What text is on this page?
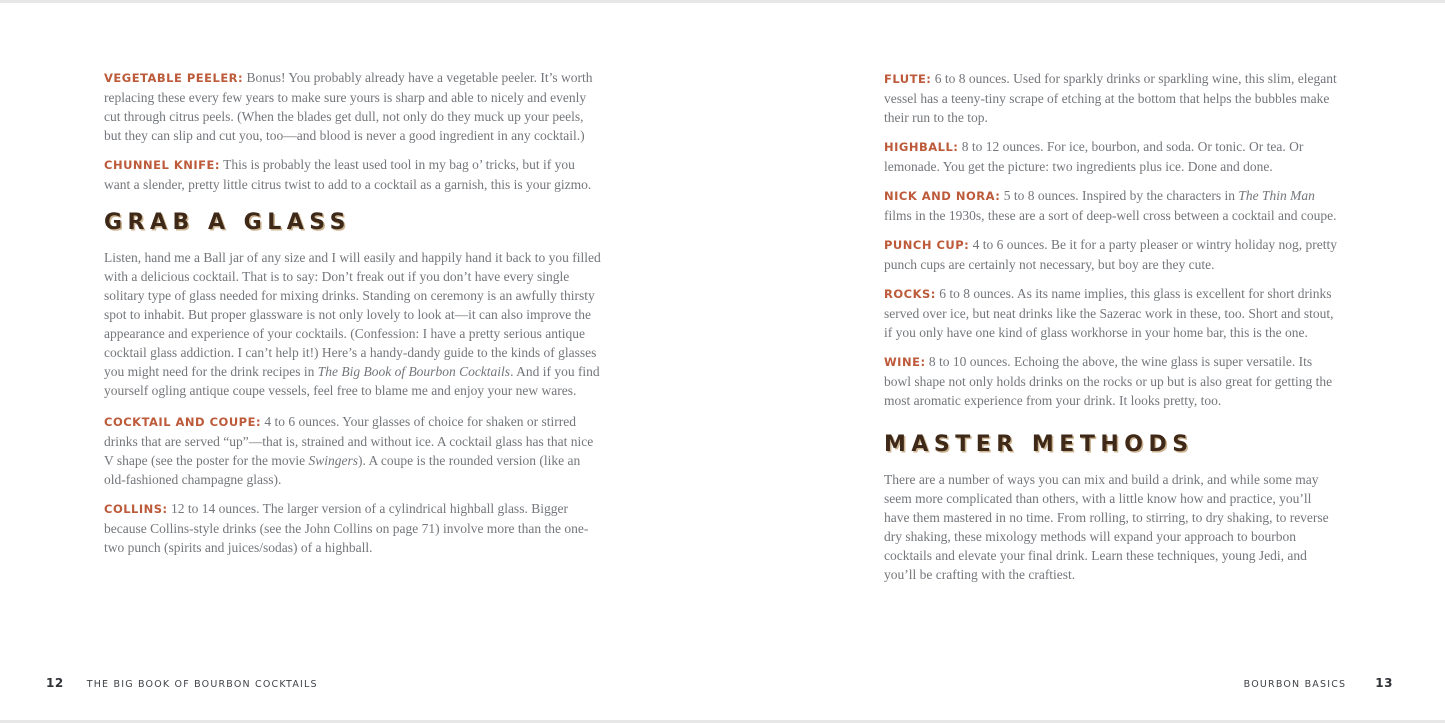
VEGETABLE PEELER: Bonus! You probably already have a vegetable peeler. It’s worth replacing these every few years to make sure yours is sharp and able to nicely and evenly cut through citrus peels. (When the blades get dull, not only do they muck up your peels, but they can slip and cut you, too—and blood is never a good ingredient in any cocktail.)

CHUNNEL KNIFE: This is probably the least used tool in my bag o’ tricks, but if you want a slender, pretty little citrus twist to add to a cocktail as a garnish, this is your gizmo.

GRAB A GLASS

Listen, hand me a Ball jar of any size and I will easily and happily hand it back to you filled with a delicious cocktail. That is to say: Don’t freak out if you don’t have every single solitary type of glass needed for mixing drinks. Standing on ceremony is an awfully thirsty spot to inhabit. But proper glassware is not only lovely to look at—it can also improve the appearance and experience of your cocktails. (Confession: I have a pretty serious antique cocktail glass addiction. I can’t help it!) Here’s a handy-dandy guide to the kinds of glasses you might need for the drink recipes in The Big Book of Bourbon Cocktails. And if you find yourself ogling antique coupe vessels, feel free to blame me and enjoy your new wares.

COCKTAIL AND COUPE: 4 to 6 ounces. Your glasses of choice for shaken or stirred drinks that are served “up”—that is, strained and without ice. A cocktail glass has that nice V shape (see the poster for the movie Swingers). A coupe is the rounded version (like an old-fashioned champagne glass).

COLLINS: 12 to 14 ounces. The larger version of a cylindrical highball glass. Bigger because Collins-style drinks (see the John Collins on page 71) involve more than the one-two punch (spirits and juices/sodas) of a highball.

FLUTE: 6 to 8 ounces. Used for sparkly drinks or sparkling wine, this slim, elegant vessel has a teeny-tiny scrape of etching at the bottom that helps the bubbles make their run to the top.

HIGHBALL: 8 to 12 ounces. For ice, bourbon, and soda. Or tonic. Or tea. Or lemonade. You get the picture: two ingredients plus ice. Done and done.

NICK AND NORA: 5 to 8 ounces. Inspired by the characters in The Thin Man films in the 1930s, these are a sort of deep-well cross between a cocktail and coupe.

PUNCH CUP: 4 to 6 ounces. Be it for a party pleaser or wintry holiday nog, pretty punch cups are certainly not necessary, but boy are they cute.

ROCKS: 6 to 8 ounces. As its name implies, this glass is excellent for short drinks served over ice, but neat drinks like the Sazerac work in these, too. Short and stout, if you only have one kind of glass workhorse in your home bar, this is the one.

WINE: 8 to 10 ounces. Echoing the above, the wine glass is super versatile. Its bowl shape not only holds drinks on the rocks or up but is also great for getting the most aromatic experience from your drink. It looks pretty, too.

MASTER METHODS

There are a number of ways you can mix and build a drink, and while some may seem more complicated than others, with a little know how and practice, you’ll have them mastered in no time. From rolling, to stirring, to dry shaking, to reverse dry shaking, these mixology methods will expand your approach to bourbon cocktails and elevate your final drink. Learn these techniques, young Jedi, and you’ll be crafting with the craftiest.

12 THE BIG BOOK OF BOURBON COCKTAILS	BOURBON BASICS 13
